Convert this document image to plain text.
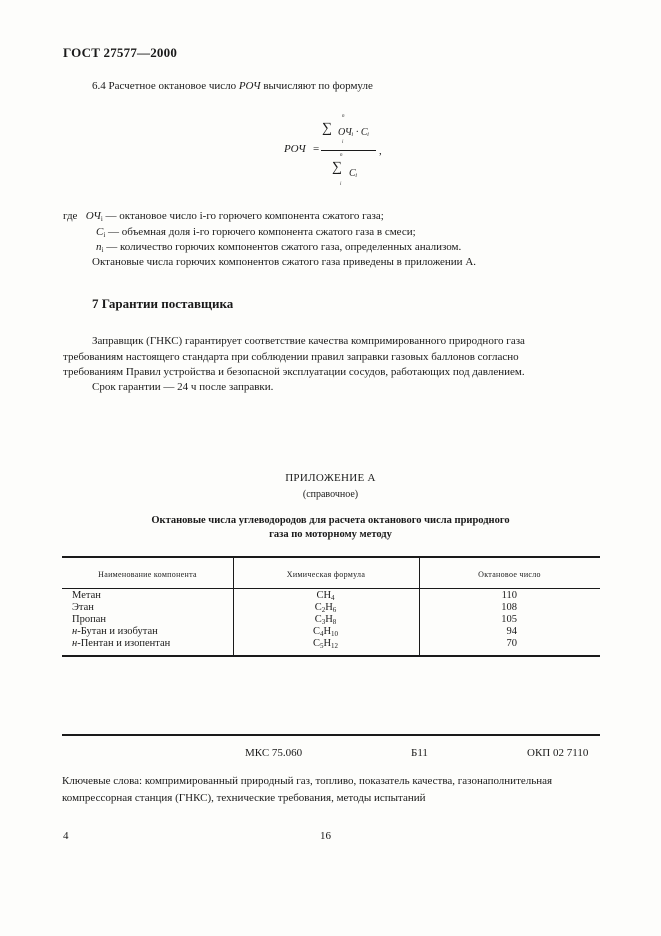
ГОСТ 27577—2000
6.4 Расчетное октановое число РОЧ вычисляют по формуле
РОЧ =
n
∑
i
ОЧᵢ · Cᵢ
n
∑
i
Cᵢ
,
где $ОЧ_i$ — октановое число i-го горючего компонента сжатого газа;
$C_i$ — объемная доля i-го горючего компонента сжатого газа в смеси;
$n_i$ — количество горючих компонентов сжатого газа, определенных анализом.
Октановые числа горючих компонентов сжатого газа приведены в приложении А.
7 Гарантии поставщика
Заправщик (ГНКС) гарантирует соответствие качества компримированного природного газа
требованиям настоящего стандарта при соблюдении правил заправки газовых баллонов согласно
требованиям Правил устройства и безопасной эксплуатации сосудов, работающих под давлением.
Срок гарантии — 24 ч после заправки.
ПРИЛОЖЕНИЕ А
(справочное)
Октановые числа углеводородов для расчета октанового числа природного
газа по моторному методу
Наименование компонента	Химическая формула	Октановое число
Метан	$CH_4$	110
Этан	$C_2H_6$	108
Пропан	$C_3H_8$	105
н-Бутан и изобутан	$C_4H_{10}$	94
н-Пентан и изопентан	$C_5H_{12}$	70
МКС 75.060	Б11	ОКП 02 7110
Ключевые слова: компримированный природный газ, топливо, показатель качества, газонаполнительная компрессорная станция (ГНКС), технические требования, методы испытаний
4	16
